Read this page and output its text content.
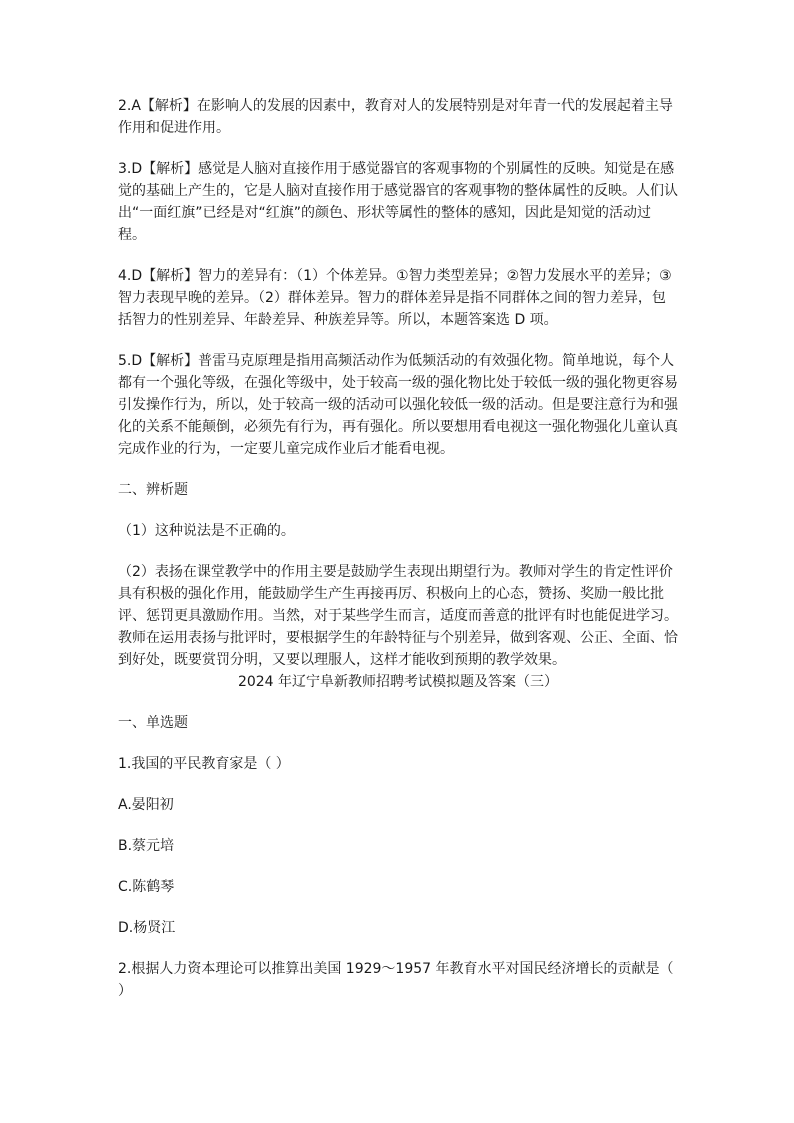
2.A【解析】在影响人的发展的因素中，教育对人的发展特别是对年青一代的发展起着主导作用和促进作用。

3.D【解析】感觉是人脑对直接作用于感觉器官的客观事物的个别属性的反映。知觉是在感觉的基础上产生的，它是人脑对直接作用于感觉器官的客观事物的整体属性的反映。人们认出“一面红旗”已经是对“红旗”的颜色、形状等属性的整体的感知，因此是知觉的活动过程。

4.D【解析】智力的差异有：（1）个体差异。①智力类型差异；②智力发展水平的差异；③智力表现早晚的差异。（2）群体差异。智力的群体差异是指不同群体之间的智力差异，包括智力的性别差异、年龄差异、种族差异等。所以，本题答案选 D 项。

5.D【解析】普雷马克原理是指用高频活动作为低频活动的有效强化物。简单地说，每个人都有一个强化等级，在强化等级中，处于较高一级的强化物比处于较低一级的强化物更容易引发操作行为，所以，处于较高一级的活动可以强化较低一级的活动。但是要注意行为和强化的关系不能颠倒，必须先有行为，再有强化。所以要想用看电视这一强化物强化儿童认真完成作业的行为，一定要儿童完成作业后才能看电视。

二、辨析题

（1）这种说法是不正确的。

（2）表扬在课堂教学中的作用主要是鼓励学生表现出期望行为。教师对学生的肯定性评价具有积极的强化作用，能鼓励学生产生再接再厉、积极向上的心态，赞扬、奖励一般比批评、惩罚更具激励作用。当然，对于某些学生而言，适度而善意的批评有时也能促进学习。教师在运用表扬与批评时，要根据学生的年龄特征与个别差异，做到客观、公正、全面、恰到好处，既要赏罚分明，又要以理服人，这样才能收到预期的教学效果。

2024 年辽宁阜新教师招聘考试模拟题及答案（三）

一、单选题

1.我国的平民教育家是（ ）

A.晏阳初

B.蔡元培

C.陈鹤琴

D.杨贤江

2.根据人力资本理论可以推算出美国 1929～1957 年教育水平对国民经济增长的贡献是（ ）
